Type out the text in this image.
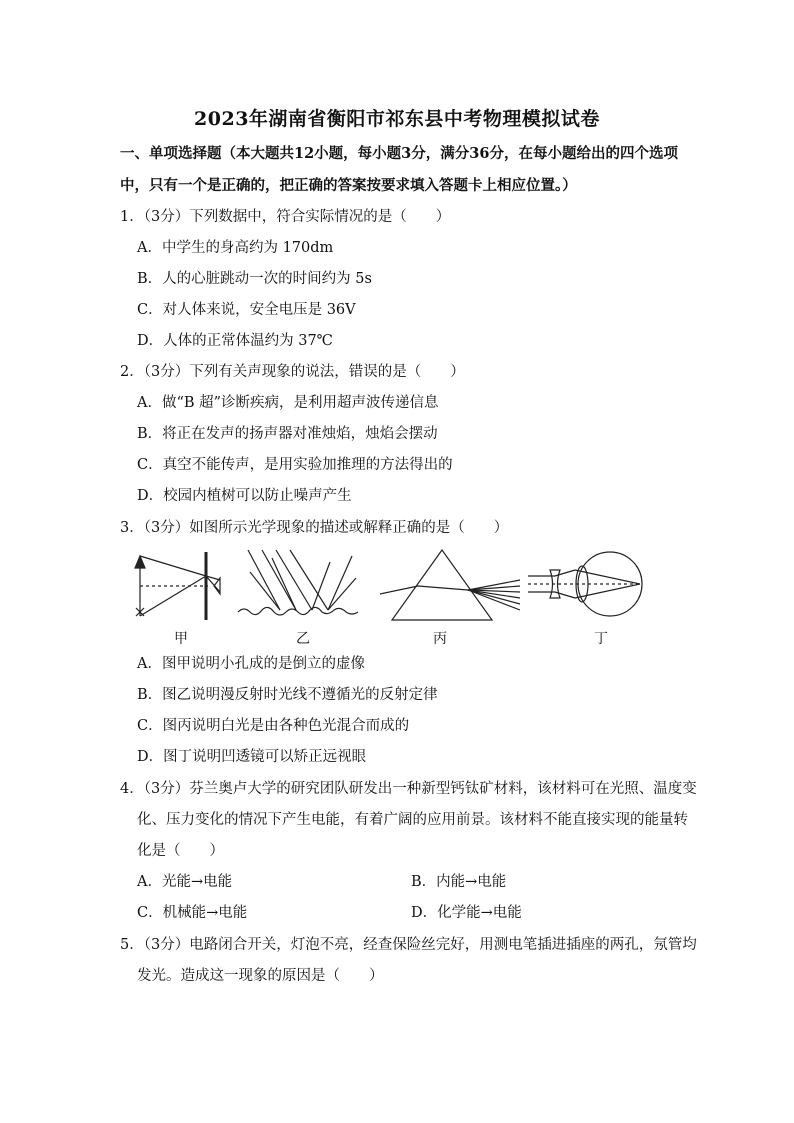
2023年湖南省衡阳市祁东县中考物理模拟试卷
一、单项选择题（本大题共12小题，每小题3分，满分36分，在每小题给出的四个选项
中，只有一个是正确的，把正确的答案按要求填入答题卡上相应位置。）
1．（3分）下列数据中，符合实际情况的是（　　）
A．中学生的身高约为 170dm
B．人的心脏跳动一次的时间约为 5s
C．对人体来说，安全电压是 36V
D．人体的正常体温约为 37℃
2．（3分）下列有关声现象的说法，错误的是（　　）
A．做“B 超”诊断疾病，是利用超声波传递信息
B．将正在发声的扬声器对准烛焰，烛焰会摆动
C．真空不能传声，是用实验加推理的方法得出的
D．校园内植树可以防止噪声产生
3．（3分）如图所示光学现象的描述或解释正确的是（　　）
甲	乙	丙	丁
A．图甲说明小孔成的是倒立的虚像
B．图乙说明漫反射时光线不遵循光的反射定律
C．图丙说明白光是由各种色光混合而成的
D．图丁说明凹透镜可以矫正远视眼
4．（3分）芬兰奥卢大学的研究团队研发出一种新型钙钛矿材料，该材料可在光照、温度变
化、压力变化的情况下产生电能，有着广阔的应用前景。该材料不能直接实现的能量转
化是（　　）
A．光能→电能	B．内能→电能
C．机械能→电能	D．化学能→电能
5．（3分）电路闭合开关，灯泡不亮，经查保险丝完好，用测电笔插进插座的两孔，氖管均
发光。造成这一现象的原因是（　　）
